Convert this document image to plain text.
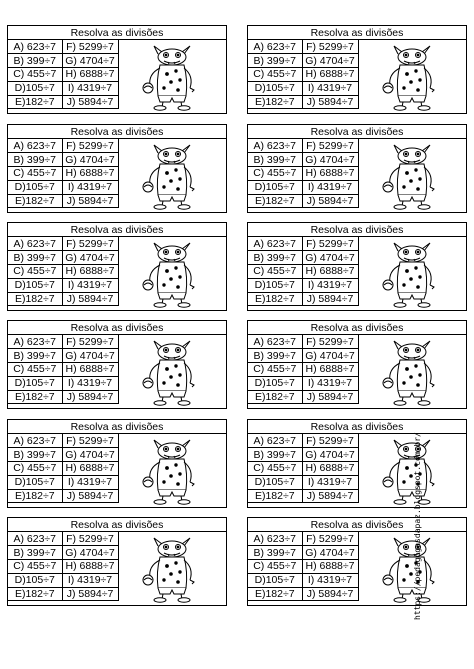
Resolva as divisões
A) 623÷7	F) 5299÷7
B) 399÷7	G) 4704÷7
C) 455÷7	H) 6888÷7
D)105÷7	I) 4319÷7
E)182÷7	J) 5894÷7
Resolva as divisões
A) 623÷7	F) 5299÷7
B) 399÷7	G) 4704÷7
C) 455÷7	H) 6888÷7
D)105÷7	I) 4319÷7
E)182÷7	J) 5894÷7
Resolva as divisões
A) 623÷7	F) 5299÷7
B) 399÷7	G) 4704÷7
C) 455÷7	H) 6888÷7
D)105÷7	I) 4319÷7
E)182÷7	J) 5894÷7
Resolva as divisões
A) 623÷7	F) 5299÷7
B) 399÷7	G) 4704÷7
C) 455÷7	H) 6888÷7
D)105÷7	I) 4319÷7
E)182÷7	J) 5894÷7
Resolva as divisões
A) 623÷7	F) 5299÷7
B) 399÷7	G) 4704÷7
C) 455÷7	H) 6888÷7
D)105÷7	I) 4319÷7
E)182÷7	J) 5894÷7
Resolva as divisões
A) 623÷7	F) 5299÷7
B) 399÷7	G) 4704÷7
C) 455÷7	H) 6888÷7
D)105÷7	I) 4319÷7
E)182÷7	J) 5894÷7
Resolva as divisões
A) 623÷7	F) 5299÷7
B) 399÷7	G) 4704÷7
C) 455÷7	H) 6888÷7
D)105÷7	I) 4319÷7
E)182÷7	J) 5894÷7
Resolva as divisões
A) 623÷7	F) 5299÷7
B) 399÷7	G) 4704÷7
C) 455÷7	H) 6888÷7
D)105÷7	I) 4319÷7
E)182÷7	J) 5894÷7
Resolva as divisões
A) 623÷7	F) 5299÷7
B) 399÷7	G) 4704÷7
C) 455÷7	H) 6888÷7
D)105÷7	I) 4319÷7
E)182÷7	J) 5894÷7
Resolva as divisões
A) 623÷7	F) 5299÷7
B) 399÷7	G) 4704÷7
C) 455÷7	H) 6888÷7
D)105÷7	I) 4319÷7
E)182÷7	J) 5894÷7
Resolva as divisões
A) 623÷7	F) 5299÷7
B) 399÷7	G) 4704÷7
C) 455÷7	H) 6888÷7
D)105÷7	I) 4319÷7
E)182÷7	J) 5894÷7
Resolva as divisões
A) 623÷7	F) 5299÷7
B) 399÷7	G) 4704÷7
C) 455÷7	H) 6888÷7
D)105÷7	I) 4319÷7
E)182÷7	J) 5894÷7	https://pedagogasdapaz.blogspot.com.br/
